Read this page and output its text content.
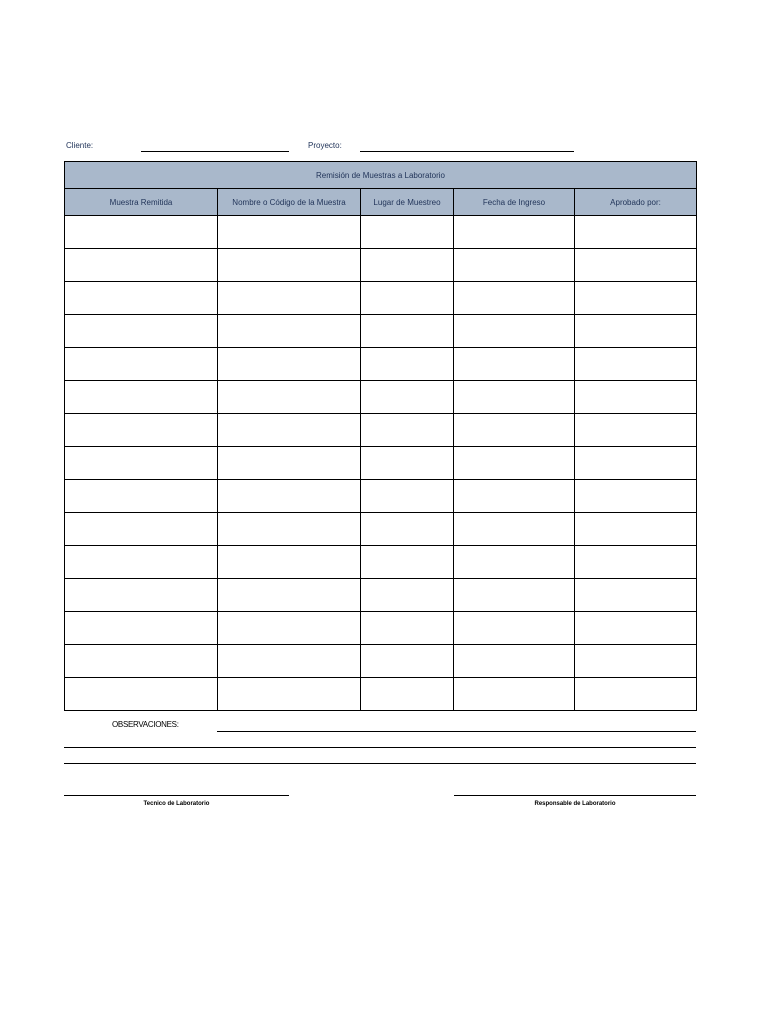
Cliente:	Proyecto:
Remisión de Muestras a Laboratorio				
Muestra Remitida	Nombre o Código de la Muestra	Lugar de Muestreo	Fecha de Ingreso	Aprobado por:

OBSERVACIONES:
Tecnico de Laboratorio	Responsable de Laboratorio
